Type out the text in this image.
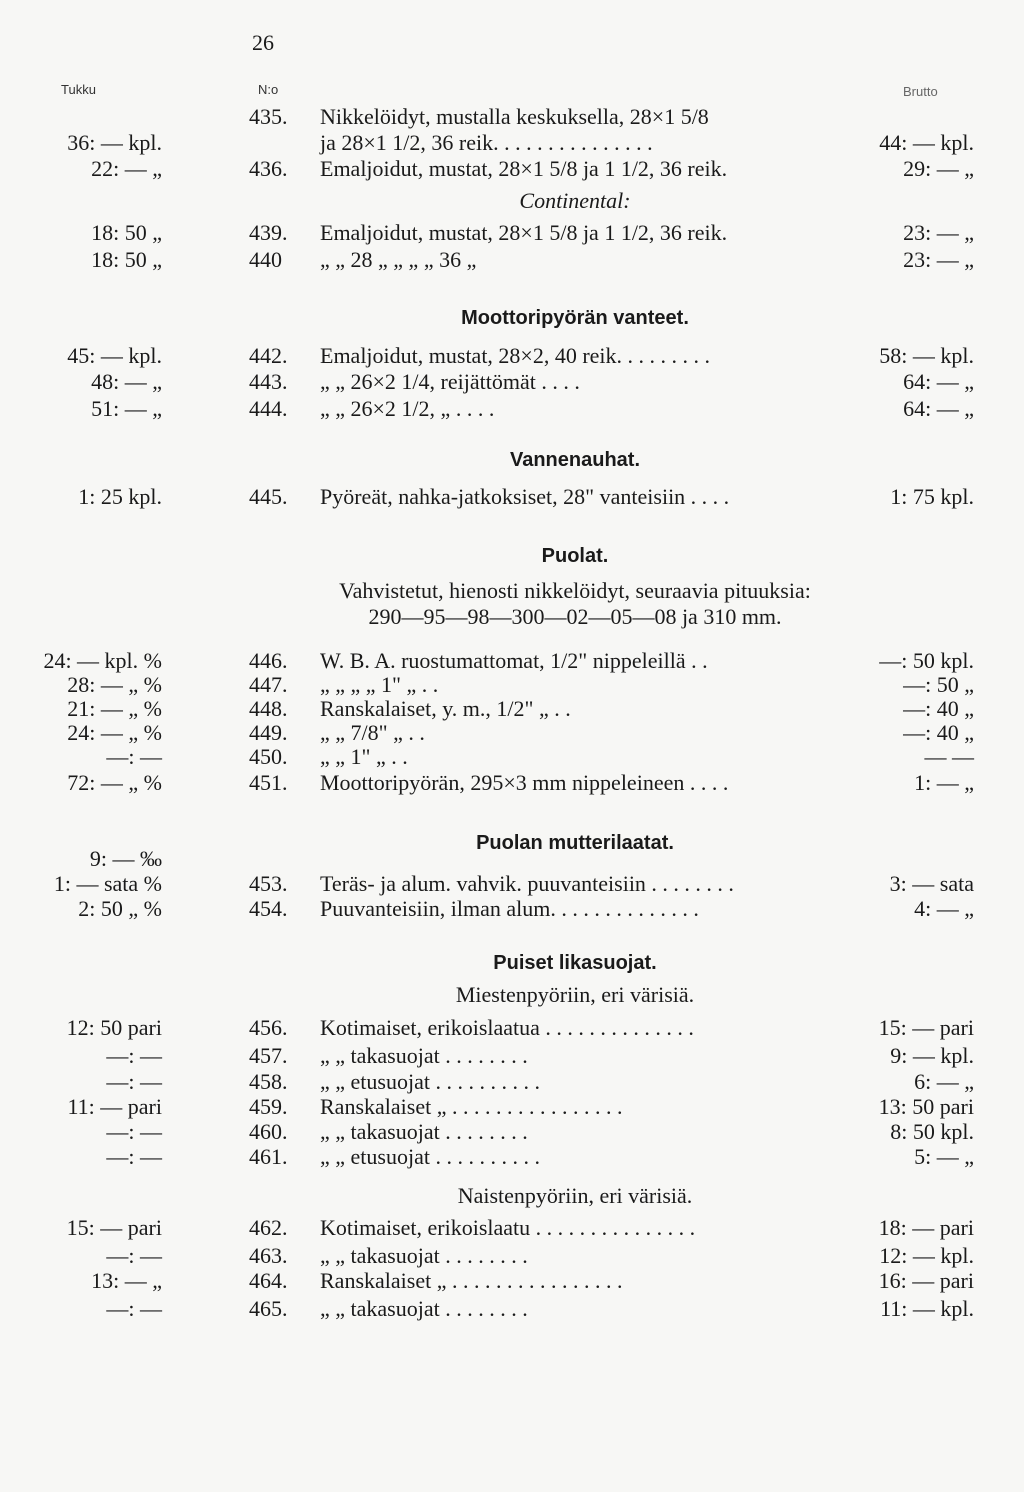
26
Tukku	N:o	Brutto
435. Nikkelöidyt, mustalla keskuksella, 28×1 5/8
36: — kpl.	ja 28×1 1/2, 36 reik. . . . . . . . . . . . . . .	44: — kpl.
22: — „	436. Emaljoidut, mustat, 28×1 5/8 ja 1 1/2, 36 reik.	29: — „
Continental:
18: 50 „	439. Emaljoidut, mustat, 28×1 5/8 ja 1 1/2, 36 reik.	23: — „
18: 50 „	440 „ „ 28 „ „ „ „ 36 „	23: — „
Moottoripyörän vanteet.
45: — kpl.	442. Emaljoidut, mustat, 28×2, 40 reik. . . . . . . . .	58: — kpl.
48: — „	443. „ „ 26×2 1/4, reijättömät . . . .	64: — „
51: — „	444. „ „ 26×2 1/2, „ . . . .	64: — „
Vannenauhat.
1: 25 kpl.	445. Pyöreät, nahka-jatkoksiset, 28" vanteisiin . . . .	1: 75 kpl.
Puolat.
Vahvistetut, hienosti nikkelöidyt, seuraavia pituuksia:
290—95—98—300—02—05—08 ja 310 mm.
24: — kpl. %	446. W. B. A. ruostumattomat, 1/2" nippeleillä . .	—: 50 kpl.
28: — „ %	447. „ „ „ „ 1" „ . .	—: 50 „
21: — „ %	448. Ranskalaiset, y. m., 1/2" „ . .	—: 40 „
24: — „ %	449. „ „ 7/8" „ . .	—: 40 „
—: —	450. „ „ 1" „ . .	— —
72: — „ %	451. Moottoripyörän, 295×3 mm nippeleineen . . . .	1: — „
Puolan mutterilaatat.
9: — ‰
1: — sata %	453. Teräs- ja alum. vahvik. puuvanteisiin . . . . . . . .	3: — sata
2: 50 „ %	454. Puuvanteisiin, ilman alum. . . . . . . . . . . . . .	4: — „
Puiset likasuojat.
Miestenpyöriin, eri värisiä.
12: 50 pari	456. Kotimaiset, erikoislaatua . . . . . . . . . . . . . .	15: — pari
—: —	457. „ „ takasuojat . . . . . . . .	9: — kpl.
—: —	458. „ „ etusuojat . . . . . . . . . .	6: — „
11: — pari	459. Ranskalaiset „ . . . . . . . . . . . . . . . .	13: 50 pari
—: —	460. „ „ takasuojat . . . . . . . .	8: 50 kpl.
—: —	461. „ „ etusuojat . . . . . . . . . .	5: — „
Naistenpyöriin, eri värisiä.
15: — pari	462. Kotimaiset, erikoislaatu . . . . . . . . . . . . . . .	18: — pari
—: —	463. „ „ takasuojat . . . . . . . .	12: — kpl.
13: — „	464. Ranskalaiset „ . . . . . . . . . . . . . . . .	16: — pari
—: —	465. „ „ takasuojat . . . . . . . .	11: — kpl.
